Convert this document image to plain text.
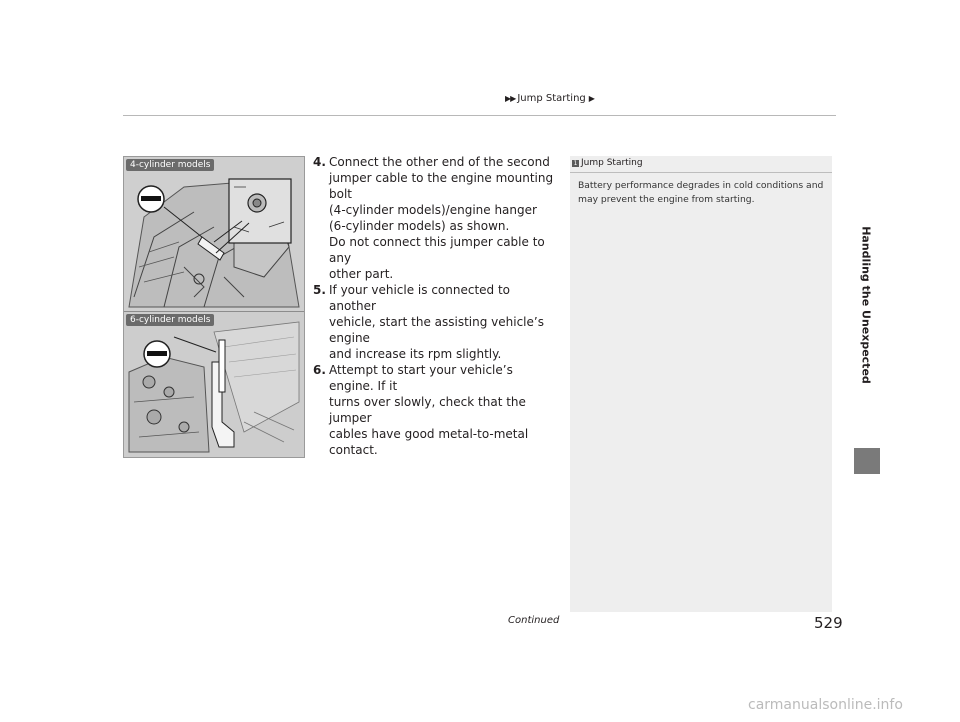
▶▶ Jump Starting ▶
4-cylinder models
6-cylinder models
4. Connect the other end of the second
jumper cable to the engine mounting bolt
(4-cylinder models)/engine hanger
(6-cylinder models) as shown.
Do not connect this jumper cable to any
other part.
5. If your vehicle is connected to another
vehicle, start the assisting vehicle’s engine
and increase its rpm slightly.
6. Attempt to start your vehicle’s engine. If it
turns over slowly, check that the jumper
cables have good metal-to-metal contact.
1 Jump Starting
Battery performance degrades in cold conditions and may prevent the engine from starting.
Handling the Unexpected
Continued	529
carmanualsonline.info
